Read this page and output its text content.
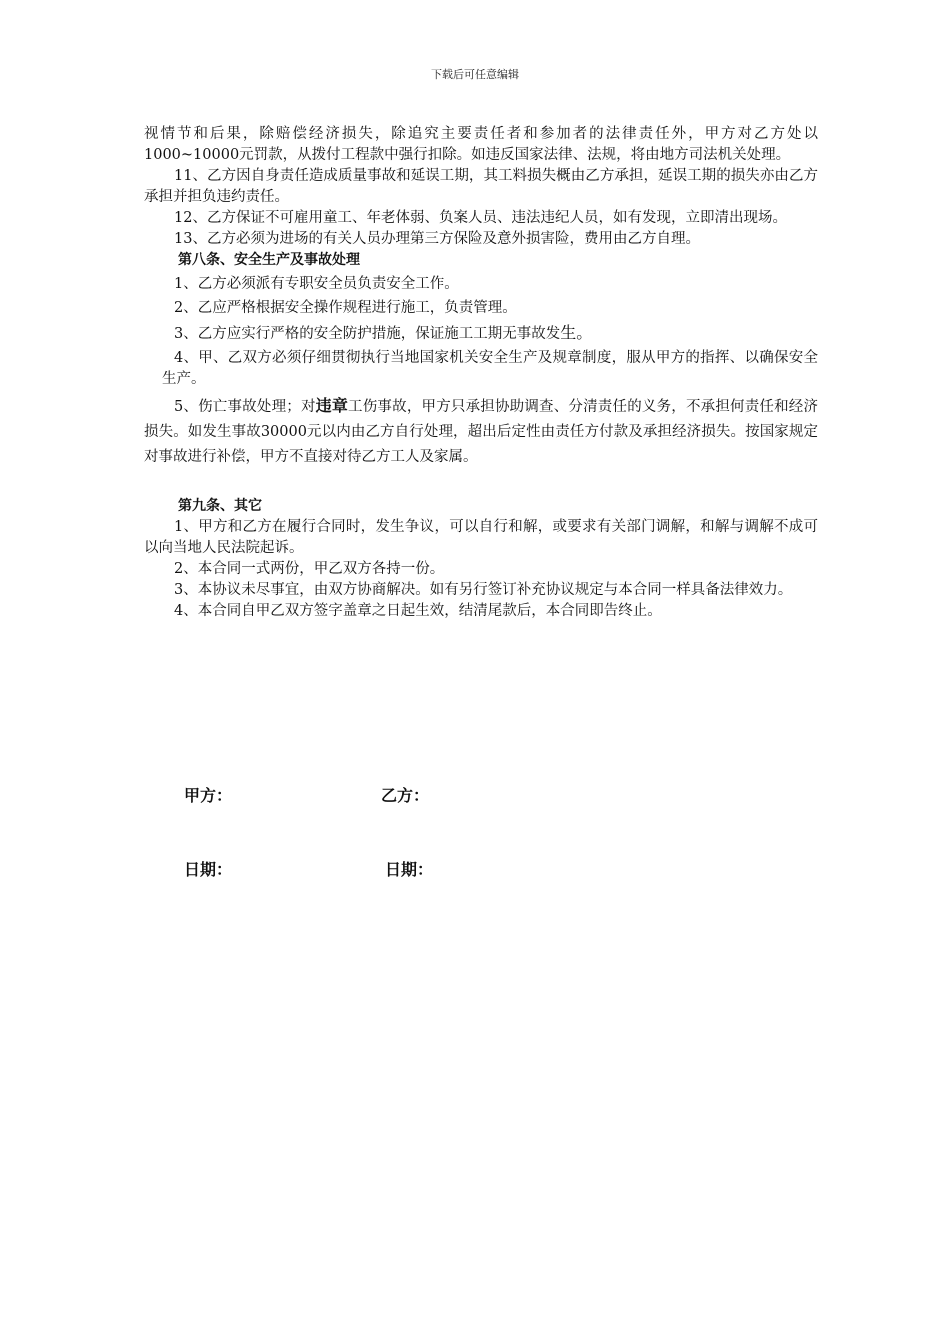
下载后可任意编辑

视情节和后果，除赔偿经济损失，除追究主要责任者和参加者的法律责任外，甲方对乙方处以1000~10000元罚款，从拨付工程款中强行扣除。如违反国家法律、法规，将由地方司法机关处理。

11、乙方因自身责任造成质量事故和延误工期，其工料损失概由乙方承担，延误工期的损失亦由乙方承担并担负违约责任。

12、乙方保证不可雇用童工、年老体弱、负案人员、违法违纪人员，如有发现，立即清出现场。

13、乙方必须为进场的有关人员办理第三方保险及意外损害险，费用由乙方自理。

第八条、安全生产及事故处理

1、乙方必须派有专职安全员负责安全工作。

2、乙应严格根据安全操作规程进行施工，负责管理。

3、乙方应实行严格的安全防护措施，保证施工工期无事故发生。

4、甲、乙双方必须仔细贯彻执行当地国家机关安全生产及规章制度，服从甲方的指挥、以确保安全生产。

5、伤亡事故处理；对违章工伤事故，甲方只承担协助调查、分清责任的义务，不承担何责任和经济损失。如发生事故30000元以内由乙方自行处理，超出后定性由责任方付款及承担经济损失。按国家规定对事故进行补偿，甲方不直接对待乙方工人及家属。

第九条、其它

1、甲方和乙方在履行合同时，发生争议，可以自行和解，或要求有关部门调解，和解与调解不成可以向当地人民法院起诉。

2、本合同一式两份，甲乙双方各持一份。

3、本协议未尽事宜，由双方协商解决。如有另行签订补充协议规定与本合同一样具备法律效力。

4、本合同自甲乙双方签字盖章之日起生效，结清尾款后，本合同即告终止。

甲方：	乙方：
日期：	日期：
